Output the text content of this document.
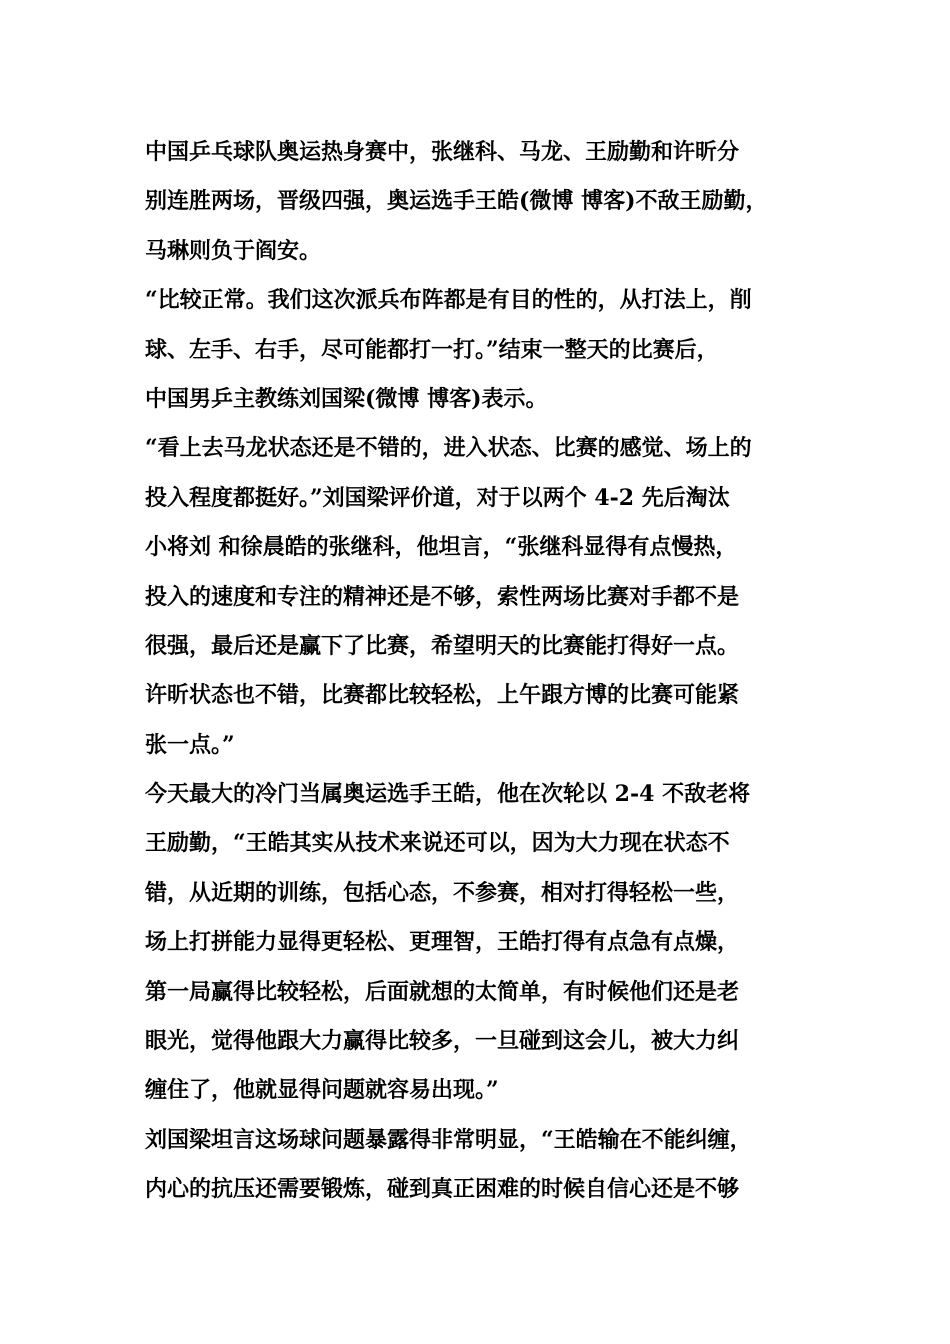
中国乒乓球队奥运热身赛中，张继科、马龙、王励勤和许昕分
别连胜两场，晋级四强，奥运选手王皓(微博 博客)不敌王励勤，
马琳则负于阎安。
“比较正常。我们这次派兵布阵都是有目的性的，从打法上，削
球、左手、右手，尽可能都打一打。”结束一整天的比赛后，
中国男乒主教练刘国梁(微博 博客)表示。
“看上去马龙状态还是不错的，进入状态、比赛的感觉、场上的
投入程度都挺好。”刘国梁评价道，对于以两个 4-2 先后淘汰
小将刘 和徐晨皓的张继科，他坦言，“张继科显得有点慢热，
投入的速度和专注的精神还是不够，索性两场比赛对手都不是
很强，最后还是赢下了比赛，希望明天的比赛能打得好一点。
许昕状态也不错，比赛都比较轻松，上午跟方博的比赛可能紧
张一点。”
今天最大的冷门当属奥运选手王皓，他在次轮以 2-4 不敌老将
王励勤，“王皓其实从技术来说还可以，因为大力现在状态不
错，从近期的训练，包括心态，不参赛，相对打得轻松一些，
场上打拼能力显得更轻松、更理智，王皓打得有点急有点燥，
第一局赢得比较轻松，后面就想的太简单，有时候他们还是老
眼光，觉得他跟大力赢得比较多，一旦碰到这会儿，被大力纠
缠住了，他就显得问题就容易出现。”
刘国梁坦言这场球问题暴露得非常明显，“王皓输在不能纠缠，
内心的抗压还需要锻炼，碰到真正困难的时候自信心还是不够
